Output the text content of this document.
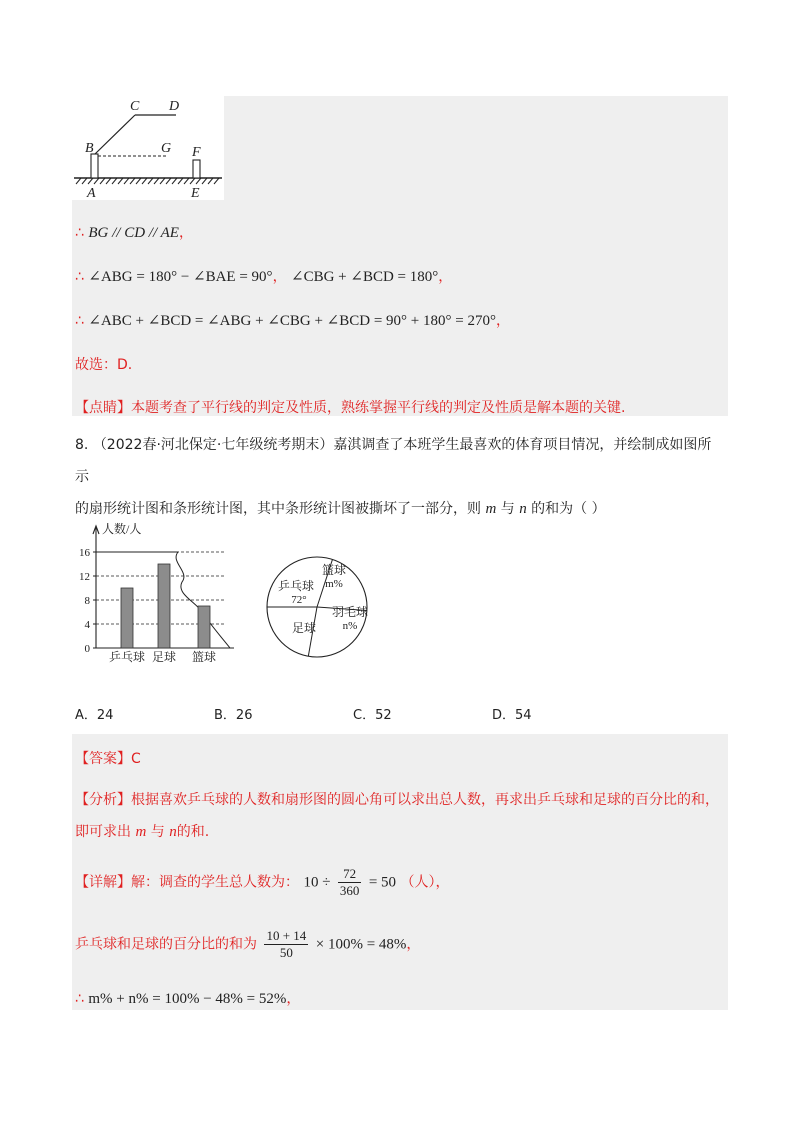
C D
B	G F
A	E
∴ BG // CD // AE，
∴ ∠ABG = 180° − ∠BAE = 90°， ∠CBG + ∠BCD = 180°，
∴ ∠ABC + ∠BCD = ∠ABG + ∠CBG + ∠BCD = 90° + 180° = 270°，
故选：D.
【点睛】本题考查了平行线的判定及性质，熟练掌握平行线的判定及性质是解本题的关键.
8. （2022春·河北保定·七年级统考期末）嘉淇调查了本班学生最喜欢的体育项目情况，并绘制成如图所示
的扇形统计图和条形统计图，其中条形统计图被撕坏了一部分，则 m 与 n 的和为（ ）
0
4
8
12
16
人数/人
乒乓球 足球 篮球
乒乓球
72°
篮球
m%
羽毛球
n%
足球
A．24	B．26	C．52	D．54
【答案】C
【分析】根据喜欢乒乓球的人数和扇形图的圆心角可以求出总人数，再求出乒乓球和足球的百分比的和，
即可求出 m 与 n的和.
【详解】解：调查的学生总人数为： $10 \div \frac{72}{360} = 50$ （人），
乒乓球和足球的百分比的和为 $\frac{10 + 14}{50} \times 100\% = 48\%$，
∴ m% + n% = 100% − 48% = 52%，
